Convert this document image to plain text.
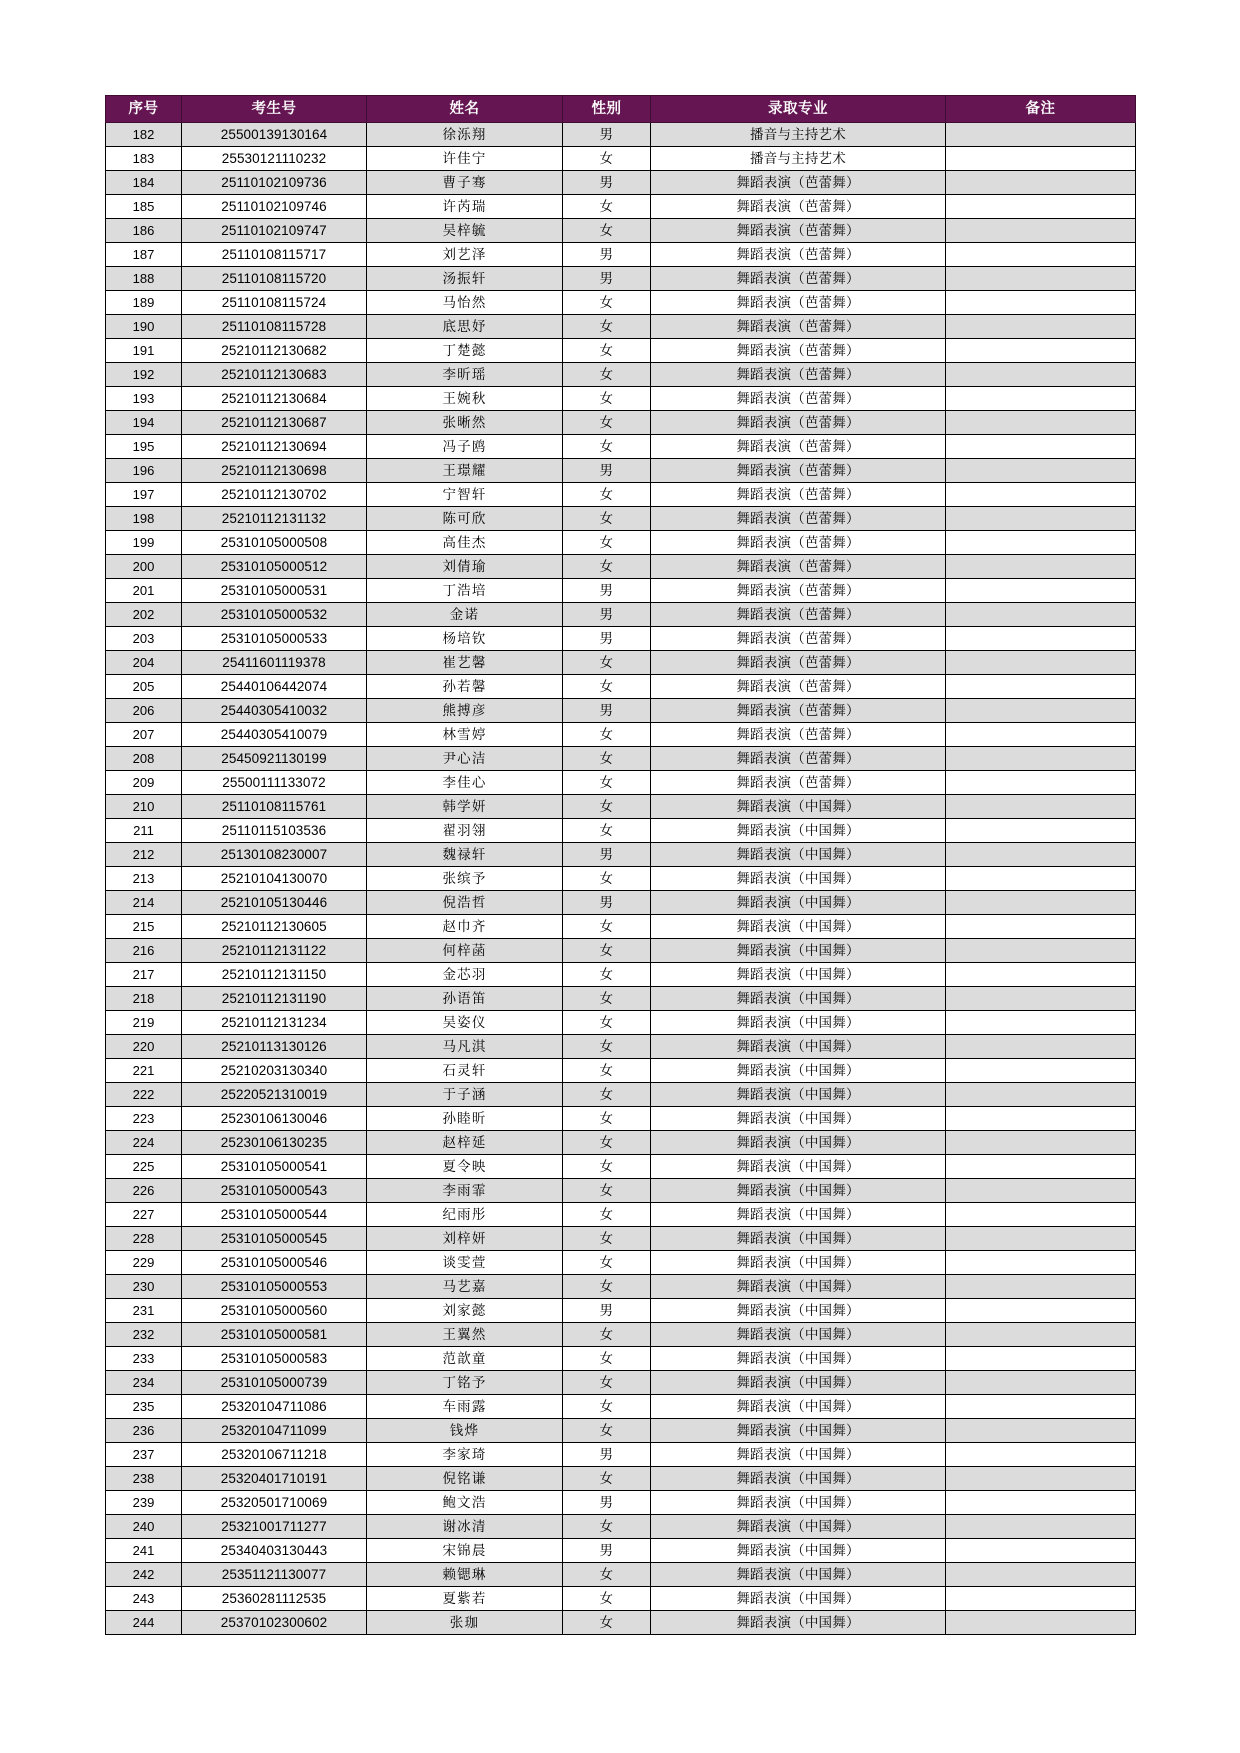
序号	考生号	姓名	性别	录取专业	备注
182	25500139130164	徐泺翔	男	播音与主持艺术	
183	25530121110232	许佳宁	女	播音与主持艺术	
184	25110102109736	曹子骞	男	舞蹈表演（芭蕾舞）	
185	25110102109746	许芮瑞	女	舞蹈表演（芭蕾舞）	
186	25110102109747	吴梓毓	女	舞蹈表演（芭蕾舞）	
187	25110108115717	刘艺泽	男	舞蹈表演（芭蕾舞）	
188	25110108115720	汤振轩	男	舞蹈表演（芭蕾舞）	
189	25110108115724	马怡然	女	舞蹈表演（芭蕾舞）	
190	25110108115728	底思妤	女	舞蹈表演（芭蕾舞）	
191	25210112130682	丁楚懿	女	舞蹈表演（芭蕾舞）	
192	25210112130683	李昕瑶	女	舞蹈表演（芭蕾舞）	
193	25210112130684	王婉秋	女	舞蹈表演（芭蕾舞）	
194	25210112130687	张晰然	女	舞蹈表演（芭蕾舞）	
195	25210112130694	冯子鸥	女	舞蹈表演（芭蕾舞）	
196	25210112130698	王璟耀	男	舞蹈表演（芭蕾舞）	
197	25210112130702	宁智轩	女	舞蹈表演（芭蕾舞）	
198	25210112131132	陈可欣	女	舞蹈表演（芭蕾舞）	
199	25310105000508	高佳杰	女	舞蹈表演（芭蕾舞）	
200	25310105000512	刘倩瑜	女	舞蹈表演（芭蕾舞）	
201	25310105000531	丁浩培	男	舞蹈表演（芭蕾舞）	
202	25310105000532	金诺	男	舞蹈表演（芭蕾舞）	
203	25310105000533	杨培钦	男	舞蹈表演（芭蕾舞）	
204	25411601119378	崔艺馨	女	舞蹈表演（芭蕾舞）	
205	25440106442074	孙若馨	女	舞蹈表演（芭蕾舞）	
206	25440305410032	熊搏彦	男	舞蹈表演（芭蕾舞）	
207	25440305410079	林雪婷	女	舞蹈表演（芭蕾舞）	
208	25450921130199	尹心洁	女	舞蹈表演（芭蕾舞）	
209	25500111133072	李佳心	女	舞蹈表演（芭蕾舞）	
210	25110108115761	韩学妍	女	舞蹈表演（中国舞）	
211	25110115103536	翟羽翎	女	舞蹈表演（中国舞）	
212	25130108230007	魏禄轩	男	舞蹈表演（中国舞）	
213	25210104130070	张缤予	女	舞蹈表演（中国舞）	
214	25210105130446	倪浩哲	男	舞蹈表演（中国舞）	
215	25210112130605	赵巾齐	女	舞蹈表演（中国舞）	
216	25210112131122	何梓菡	女	舞蹈表演（中国舞）	
217	25210112131150	金芯羽	女	舞蹈表演（中国舞）	
218	25210112131190	孙语笛	女	舞蹈表演（中国舞）	
219	25210112131234	吴姿仪	女	舞蹈表演（中国舞）	
220	25210113130126	马凡淇	女	舞蹈表演（中国舞）	
221	25210203130340	石灵轩	女	舞蹈表演（中国舞）	
222	25220521310019	于子涵	女	舞蹈表演（中国舞）	
223	25230106130046	孙睦昕	女	舞蹈表演（中国舞）	
224	25230106130235	赵梓延	女	舞蹈表演（中国舞）	
225	25310105000541	夏令映	女	舞蹈表演（中国舞）	
226	25310105000543	李雨霏	女	舞蹈表演（中国舞）	
227	25310105000544	纪雨彤	女	舞蹈表演（中国舞）	
228	25310105000545	刘梓妍	女	舞蹈表演（中国舞）	
229	25310105000546	谈雯萱	女	舞蹈表演（中国舞）	
230	25310105000553	马艺嘉	女	舞蹈表演（中国舞）	
231	25310105000560	刘家懿	男	舞蹈表演（中国舞）	
232	25310105000581	王翼然	女	舞蹈表演（中国舞）	
233	25310105000583	范歆童	女	舞蹈表演（中国舞）	
234	25310105000739	丁铭予	女	舞蹈表演（中国舞）	
235	25320104711086	车雨露	女	舞蹈表演（中国舞）	
236	25320104711099	钱烨	女	舞蹈表演（中国舞）	
237	25320106711218	李家琦	男	舞蹈表演（中国舞）	
238	25320401710191	倪铭谦	女	舞蹈表演（中国舞）	
239	25320501710069	鲍文浩	男	舞蹈表演（中国舞）	
240	25321001711277	谢冰清	女	舞蹈表演（中国舞）	
241	25340403130443	宋锦晨	男	舞蹈表演（中国舞）	
242	25351121130077	赖锶琳	女	舞蹈表演（中国舞）	
243	25360281112535	夏紫若	女	舞蹈表演（中国舞）	
244	25370102300602	张珈	女	舞蹈表演（中国舞）	
